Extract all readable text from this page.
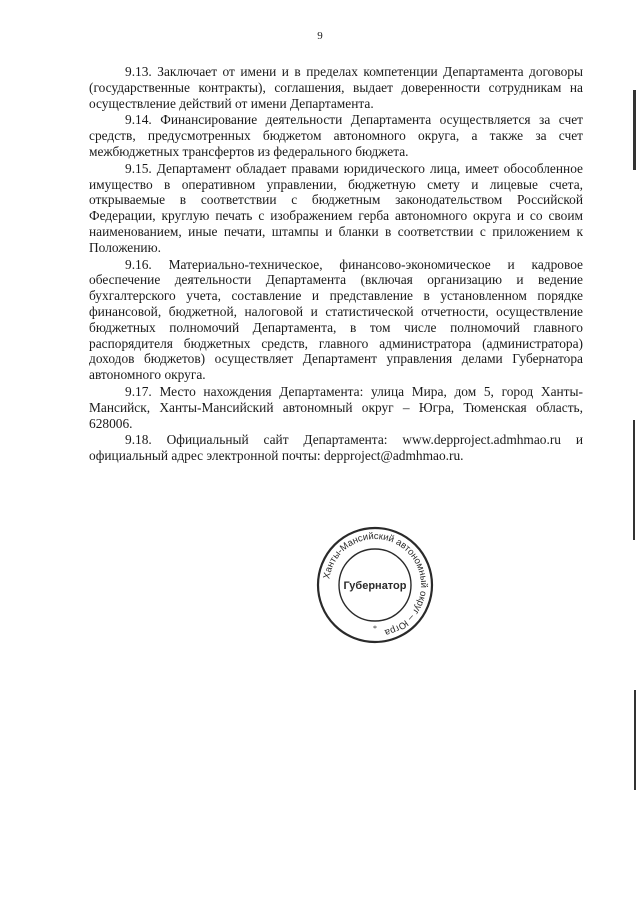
9

9.13. Заключает от имени и в пределах компетенции Департамента договоры (государственные контракты), соглашения, выдает доверенности сотрудникам на осуществление действий от имени Департамента.

9.14. Финансирование деятельности Департамента осуществляется за счет средств, предусмотренных бюджетом автономного округа, а также за счет межбюджетных трансфертов из федерального бюджета.

9.15. Департамент обладает правами юридического лица, имеет обособленное имущество в оперативном управлении, бюджетную смету и лицевые счета, открываемые в соответствии с бюджетным законодательством Российской Федерации, круглую печать с изображением герба автономного округа и со своим наименованием, иные печати, штампы и бланки в соответствии с приложением к Положению.

9.16. Материально-техническое, финансово-экономическое и кадровое обеспечение деятельности Департамента (включая организацию и ведение бухгалтерского учета, составление и представление в установленном порядке финансовой, бюджетной, налоговой и статистической отчетности, осуществление бюджетных полномочий Департамента, в том числе полномочий главного распорядителя бюджетных средств, главного администратора (администратора) доходов бюджетов) осуществляет Департамент управления делами Губернатора автономного округа.

9.17. Место нахождения Департамента: улица Мира, дом 5, город Ханты-Мансийск, Ханты-Мансийский автономный округ – Югра, Тюменская область, 628006.

9.18. Официальный сайт Департамента: www.depproject.admhmao.ru и официальный адрес электронной почты: depproject@admhmao.ru.

Ханты-Мансийский автономный округ – Югра
Губернатор
*
